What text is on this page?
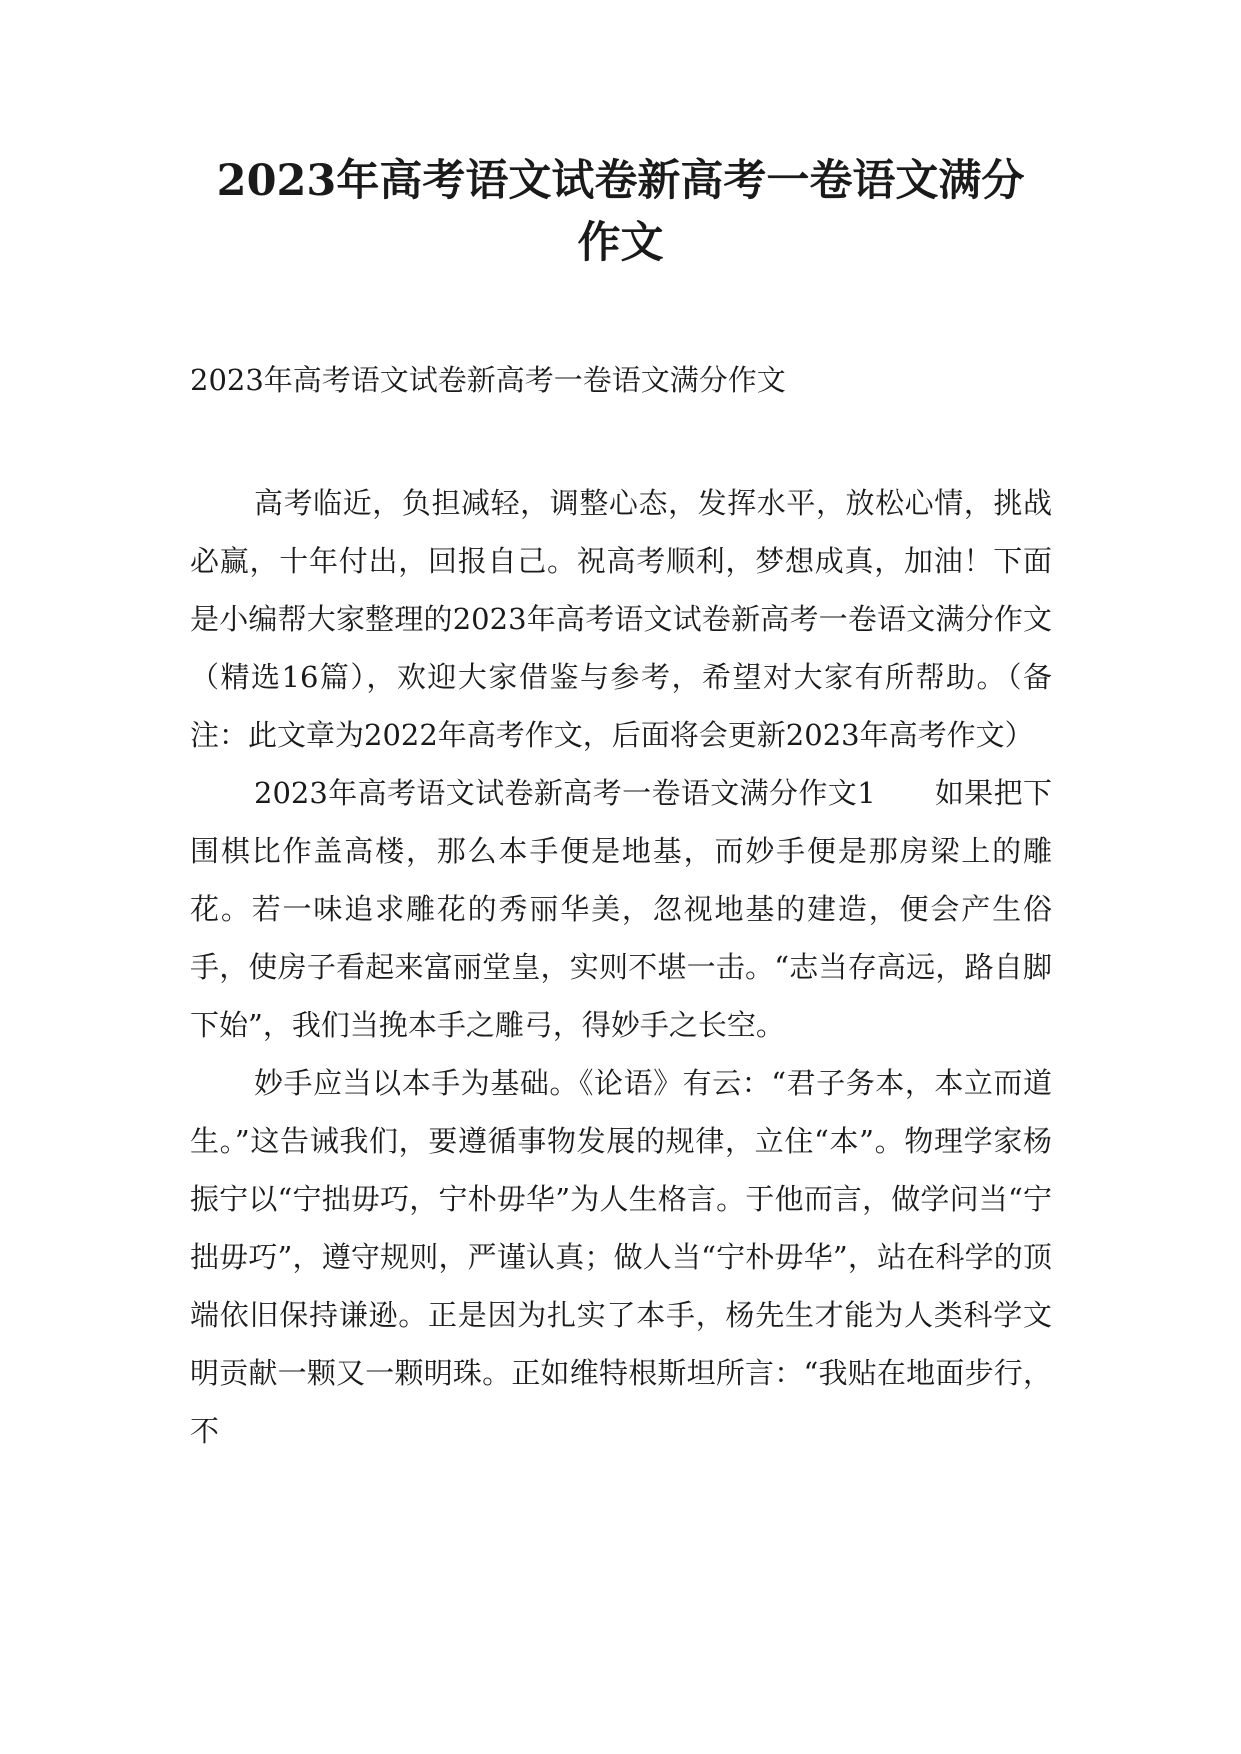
2023年高考语文试卷新高考一卷语文满分
作文
2023年高考语文试卷新高考一卷语文满分作文

高考临近，负担减轻，调整心态，发挥水平，放松心情，挑战必赢，十年付出，回报自己。祝高考顺利，梦想成真，加油！下面是小编帮大家整理的2023年高考语文试卷新高考一卷语文满分作文（精选16篇），欢迎大家借鉴与参考，希望对大家有所帮助。（备注：此文章为2022年高考作文，后面将会更新2023年高考作文）

2023年高考语文试卷新高考一卷语文满分作文1　　如果把下围棋比作盖高楼，那么本手便是地基，而妙手便是那房梁上的雕花。若一味追求雕花的秀丽华美，忽视地基的建造，便会产生俗手，使房子看起来富丽堂皇，实则不堪一击。“志当存高远，路自脚下始”，我们当挽本手之雕弓，得妙手之长空。

妙手应当以本手为基础。《论语》有云：“君子务本，本立而道生。”这告诫我们，要遵循事物发展的规律，立住“本”。物理学家杨振宁以“宁拙毋巧，宁朴毋华”为人生格言。于他而言，做学问当“宁拙毋巧”，遵守规则，严谨认真；做人当“宁朴毋华”，站在科学的顶端依旧保持谦逊。正是因为扎实了本手，杨先生才能为人类科学文明贡献一颗又一颗明珠。正如维特根斯坦所言：“我贴在地面步行，不
